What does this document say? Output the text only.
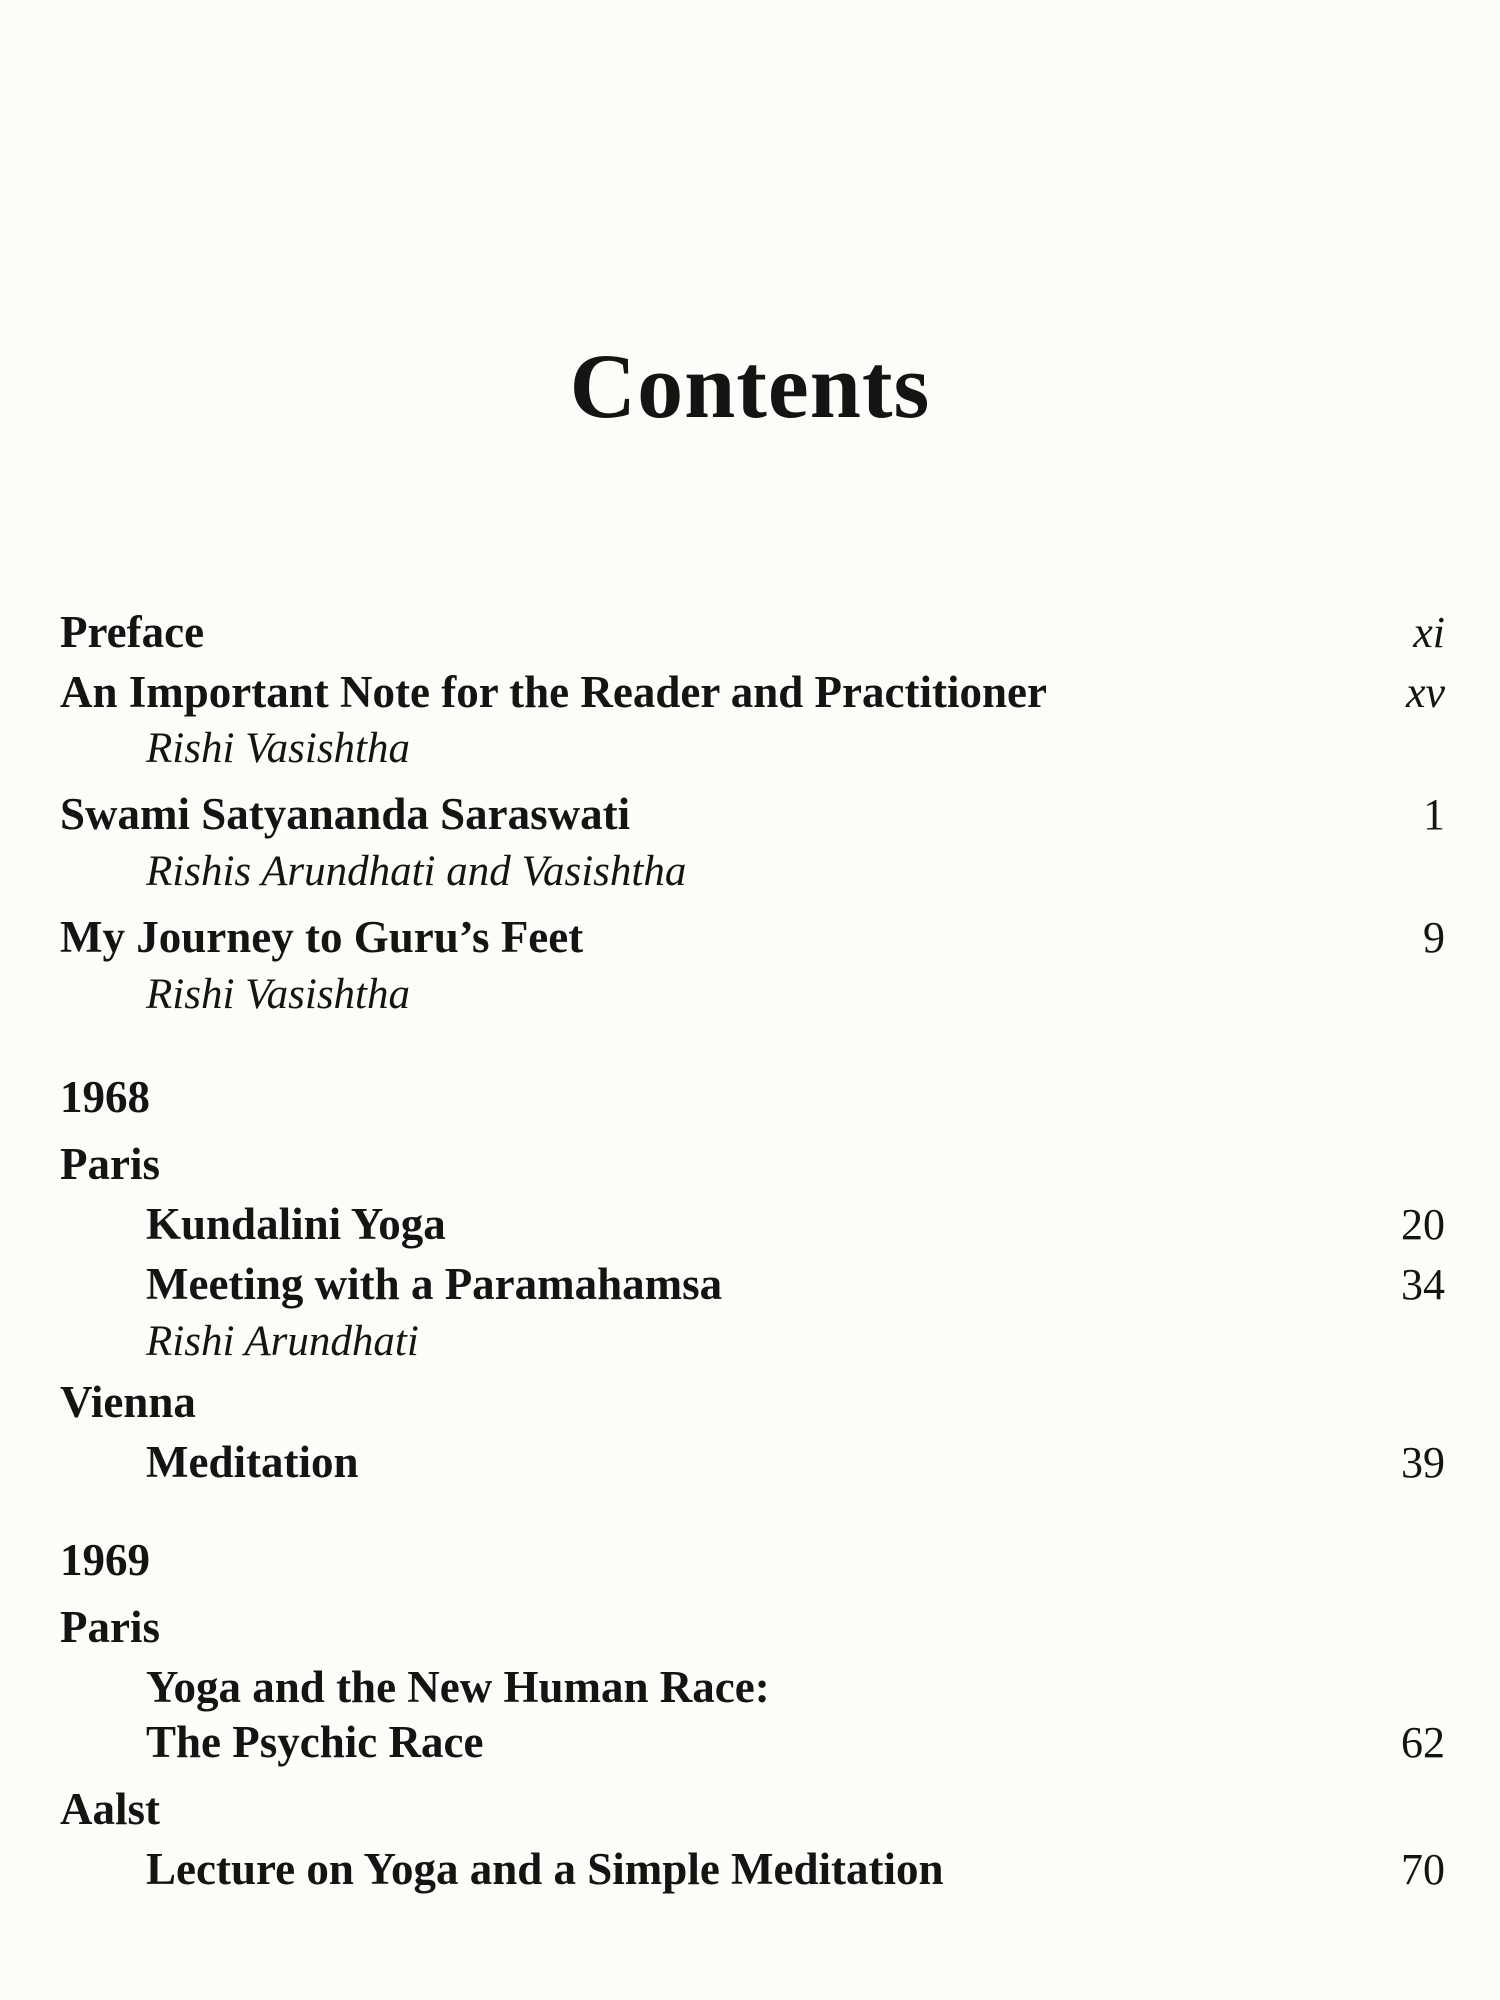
Contents
Preface	xi
An Important Note for the Reader and Practitioner	xv
Rishi Vasishtha
Swami Satyananda Saraswati	1
Rishis Arundhati and Vasishtha
My Journey to Guru’s Feet	9
Rishi Vasishtha
1968
Paris
Kundalini Yoga	20
Meeting with a Paramahamsa	34
Rishi Arundhati
Vienna
Meditation	39
1969
Paris
Yoga and the New Human Race:
The Psychic Race	62
Aalst
Lecture on Yoga and a Simple Meditation	70
